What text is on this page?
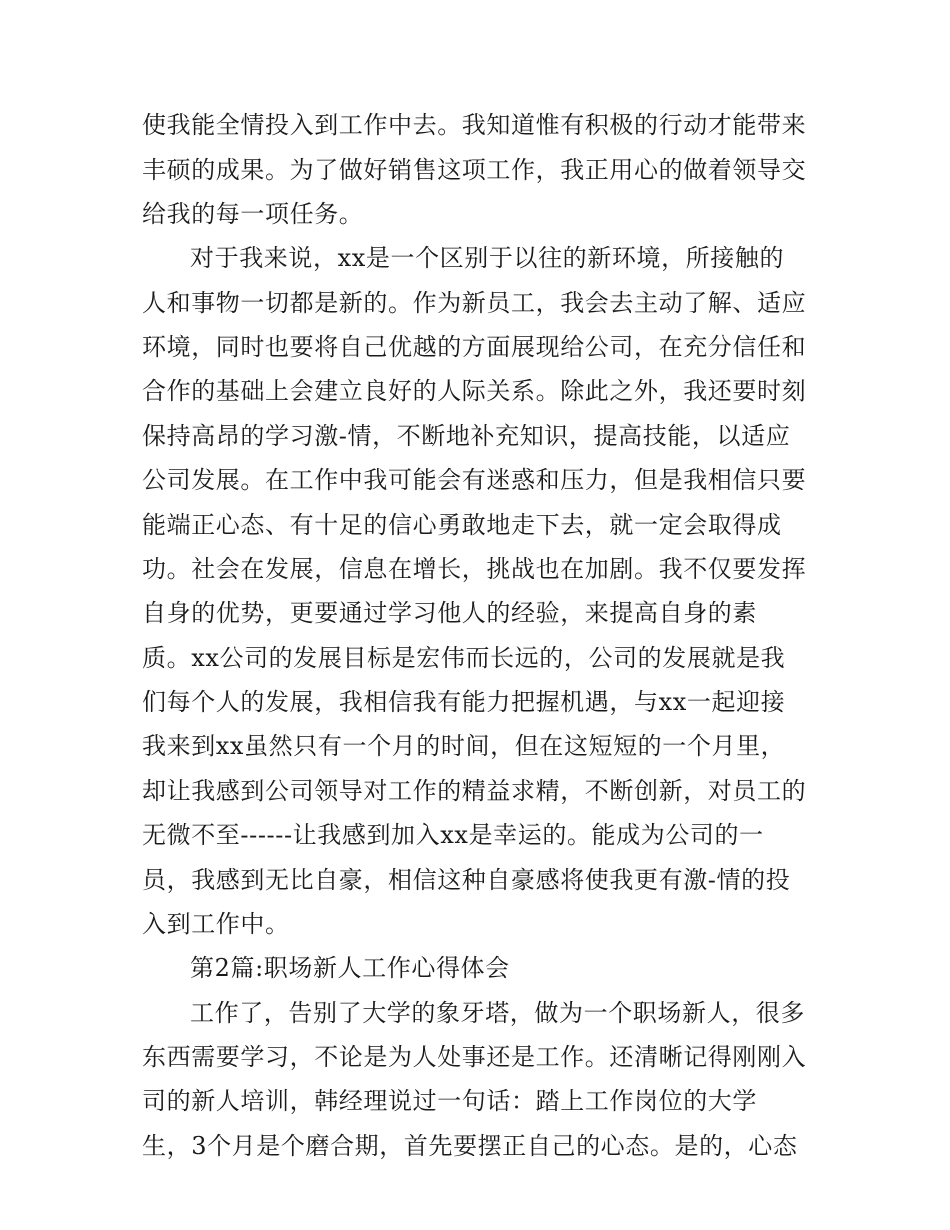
使我能全情投入到工作中去。我知道惟有积极的行动才能带来
丰硕的成果。为了做好销售这项工作，我正用心的做着领导交
给我的每一项任务。
对于我来说，xx是一个区别于以往的新环境，所接触的
人和事物一切都是新的。作为新员工，我会去主动了解、适应
环境，同时也要将自己优越的方面展现给公司，在充分信任和
合作的基础上会建立良好的人际关系。除此之外，我还要时刻
保持高昂的学习激-情，不断地补充知识，提高技能，以适应
公司发展。在工作中我可能会有迷惑和压力，但是我相信只要
能端正心态、有十足的信心勇敢地走下去，就一定会取得成
功。社会在发展，信息在增长，挑战也在加剧。我不仅要发挥
自身的优势，更要通过学习他人的经验，来提高自身的素
质。xx公司的发展目标是宏伟而长远的，公司的发展就是我
们每个人的发展，我相信我有能力把握机遇，与xx一起迎接
我来到xx虽然只有一个月的时间，但在这短短的一个月里，
却让我感到公司领导对工作的精益求精，不断创新，对员工的
无微不至------让我感到加入xx是幸运的。能成为公司的一
员，我感到无比自豪，相信这种自豪感将使我更有激-情的投
入到工作中。
第2篇:职场新人工作心得体会
工作了，告别了大学的象牙塔，做为一个职场新人，很多
东西需要学习，不论是为人处事还是工作。还清晰记得刚刚入
司的新人培训，韩经理说过一句话：踏上工作岗位的大学
生，3个月是个磨合期，首先要摆正自己的心态。是的，心态
